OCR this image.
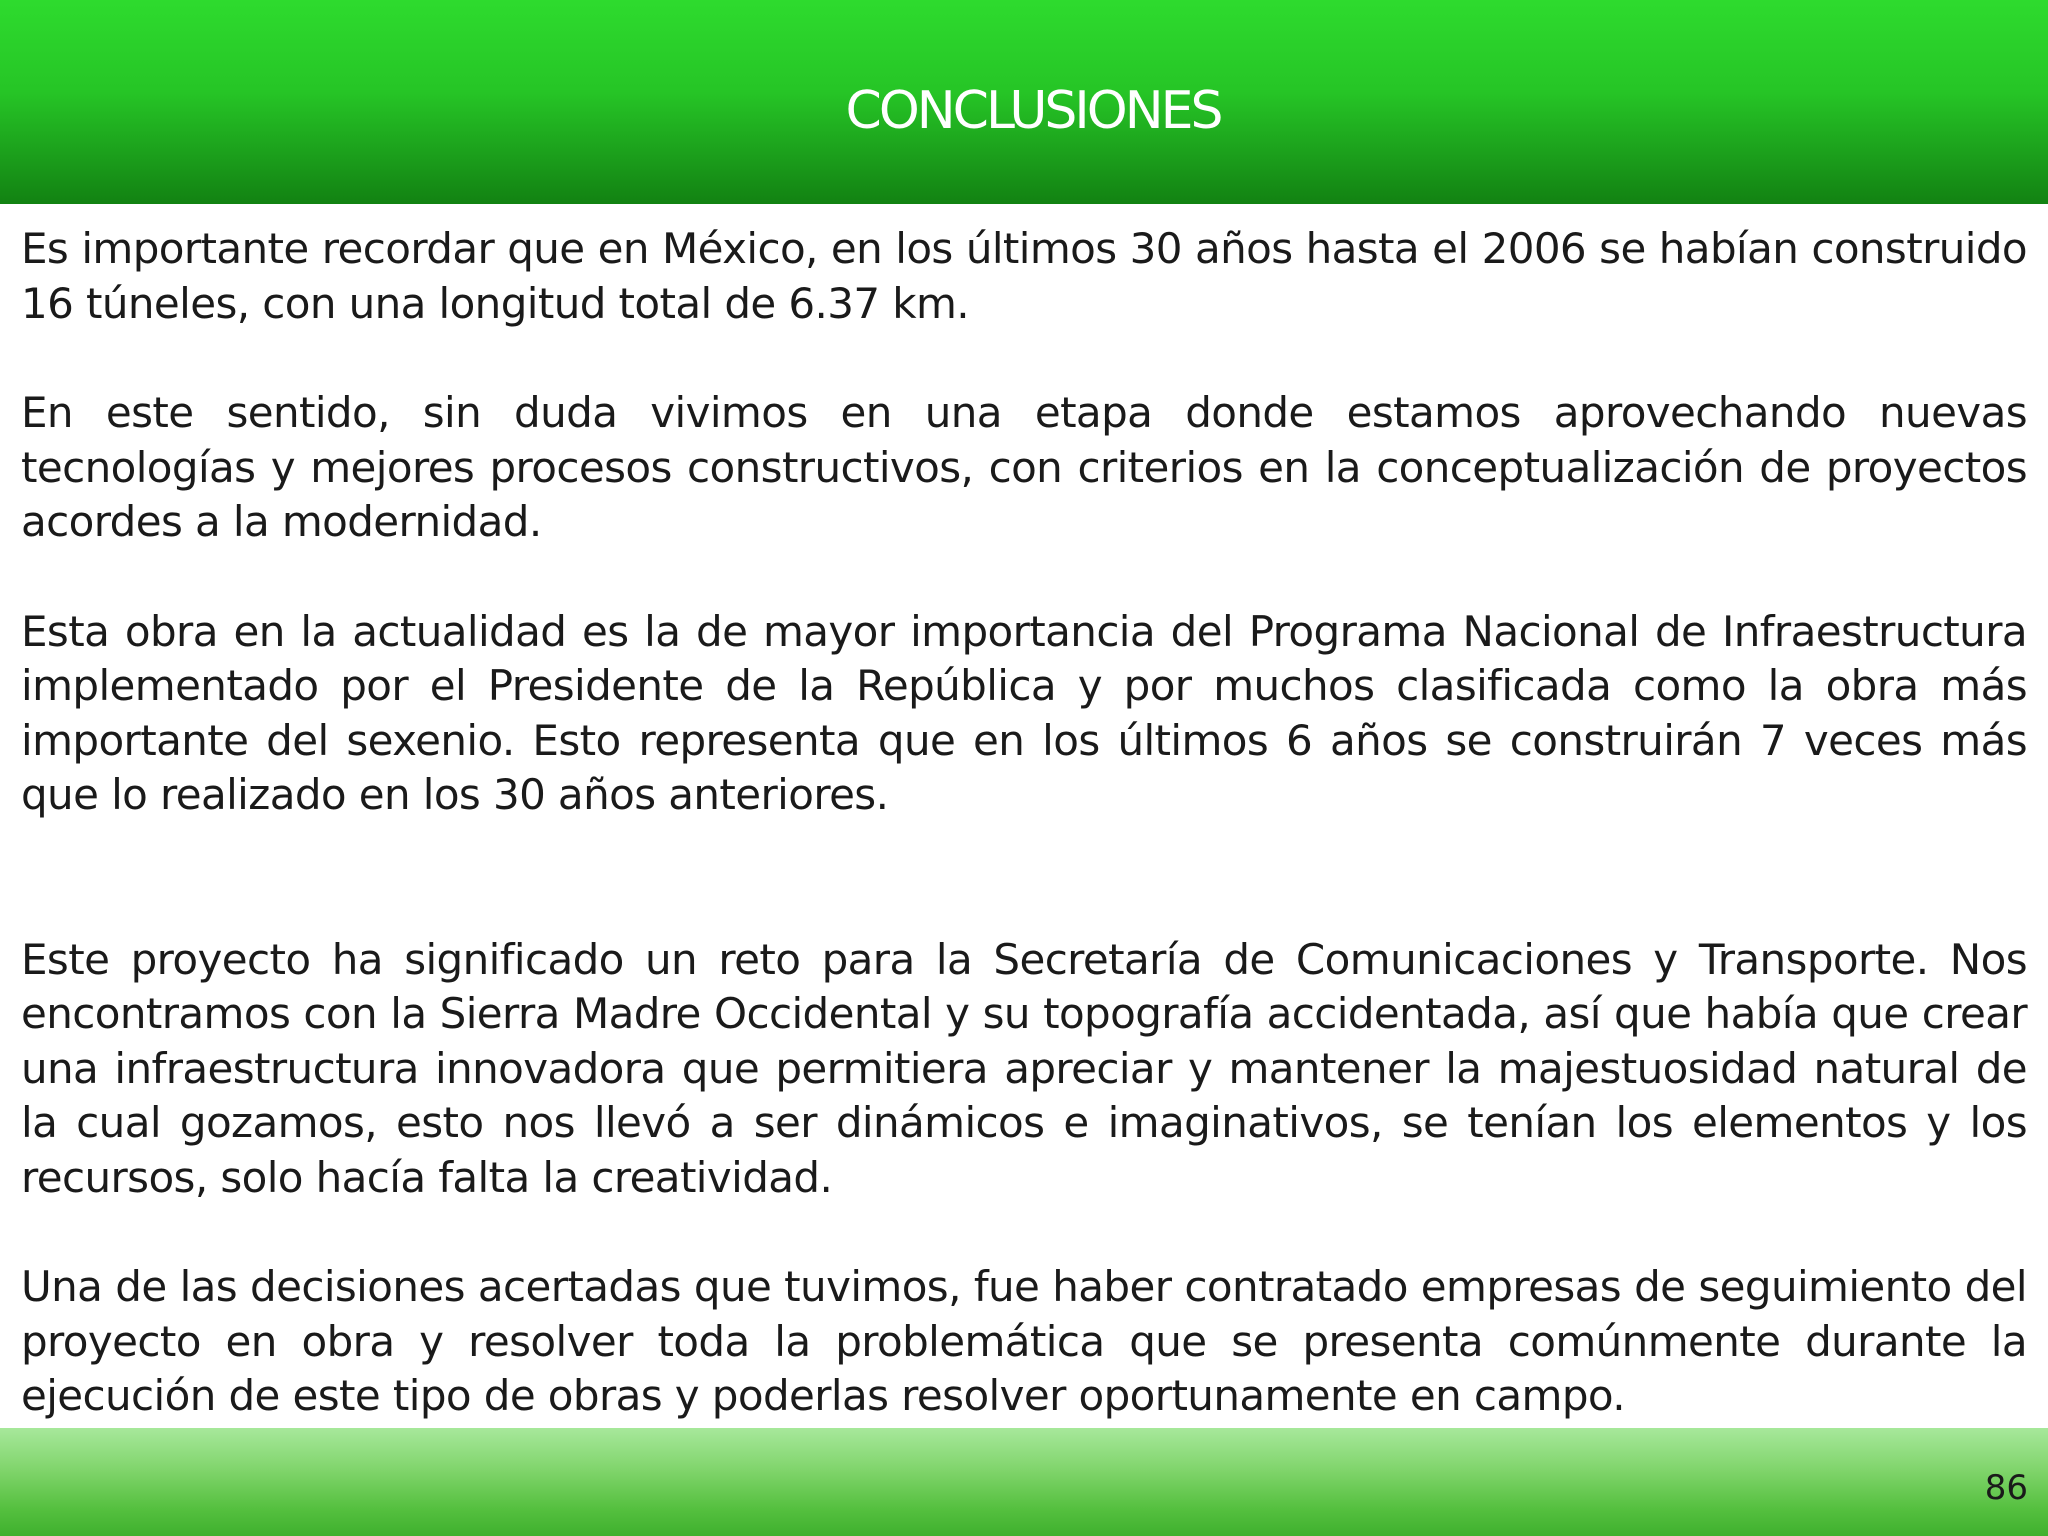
CONCLUSIONES

Es importante recordar que en México, en los últimos 30 años hasta el 2006 se habían construido 16 túneles, con una longitud total de 6.37 km.

En este sentido, sin duda vivimos en una etapa donde estamos aprovechando nuevas tecnologías y mejores procesos constructivos, con criterios en la conceptualización de proyectos acordes a la modernidad.

Esta obra en la actualidad es la de mayor importancia del Programa Nacional de Infraestructura implementado por el Presidente de la República y por muchos clasificada como la obra más importante del sexenio. Esto representa que en los últimos 6 años se construirán 7 veces más que lo realizado en los 30 años anteriores.

Este proyecto ha significado un reto para la Secretaría de Comunicaciones y Transporte. Nos encontramos con la Sierra Madre Occidental y su topografía accidentada, así que había que crear una infraestructura innovadora que permitiera apreciar y mantener la majestuosidad natural de la cual gozamos, esto nos llevó a ser dinámicos e imaginativos, se tenían los elementos y los recursos, solo hacía falta la creatividad.

Una de las decisiones acertadas que tuvimos, fue haber contratado empresas de seguimiento del proyecto en obra y resolver toda la problemática que se presenta comúnmente durante la ejecución de este tipo de obras y poderlas resolver oportunamente en campo.

86
